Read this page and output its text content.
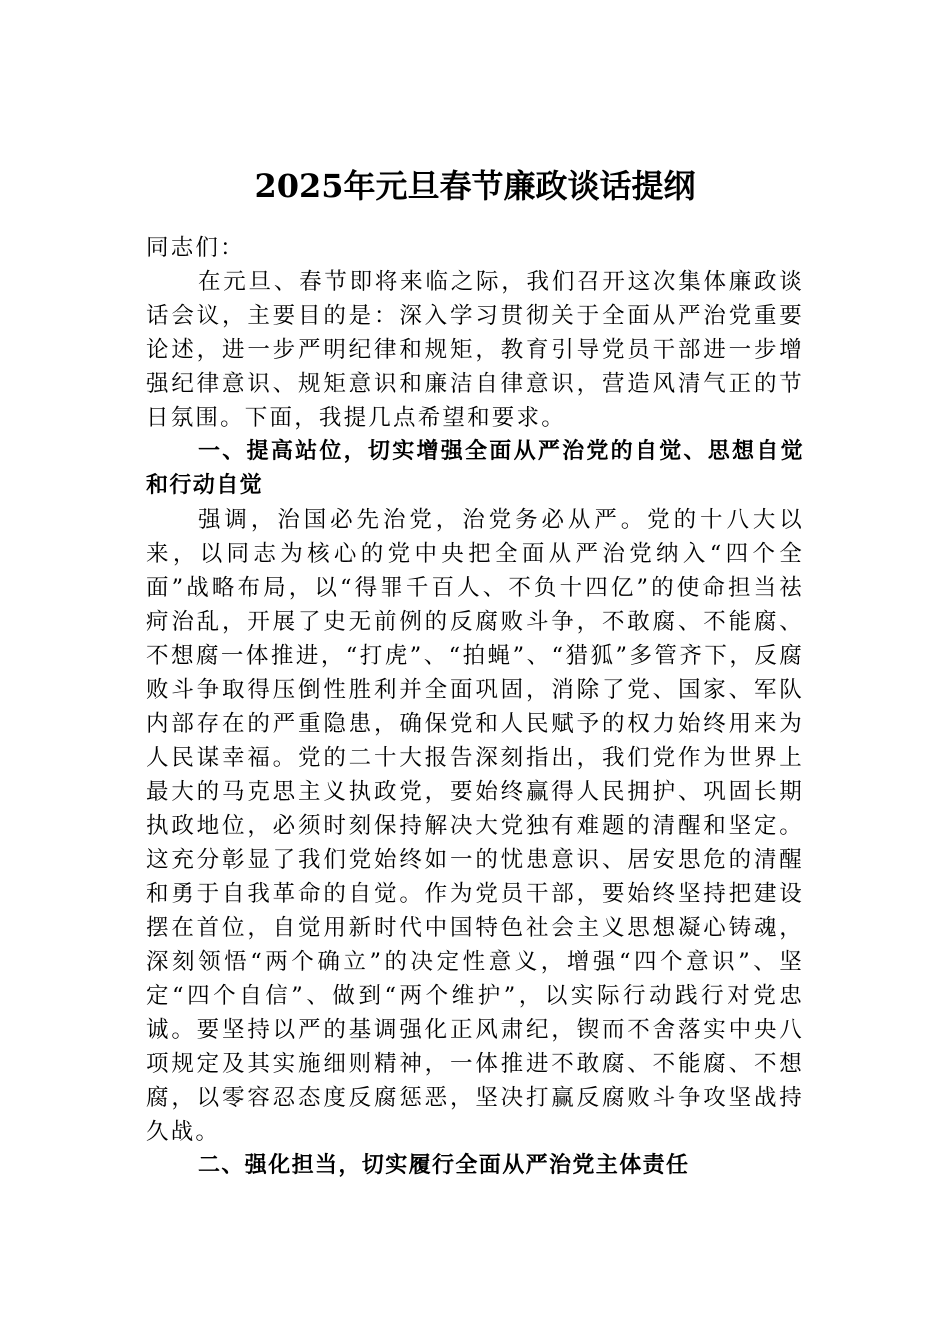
2025年元旦春节廉政谈话提纲

同志们：

在元旦、春节即将来临之际，我们召开这次集体廉政谈话会议，主要目的是：深入学习贯彻关于全面从严治党重要论述，进一步严明纪律和规矩，教育引导党员干部进一步增强纪律意识、规矩意识和廉洁自律意识，营造风清气正的节日氛围。下面，我提几点希望和要求。

一、提高站位，切实增强全面从严治党的自觉、思想自觉和行动自觉

强调，治国必先治党，治党务必从严。党的十八大以来，以同志为核心的党中央把全面从严治党纳入“四个全面”战略布局，以“得罪千百人、不负十四亿”的使命担当祛疴治乱，开展了史无前例的反腐败斗争，不敢腐、不能腐、不想腐一体推进，“打虎”、“拍蝇”、“猎狐”多管齐下，反腐败斗争取得压倒性胜利并全面巩固，消除了党、国家、军队内部存在的严重隐患，确保党和人民赋予的权力始终用来为人民谋幸福。党的二十大报告深刻指出，我们党作为世界上最大的马克思主义执政党，要始终赢得人民拥护、巩固长期执政地位，必须时刻保持解决大党独有难题的清醒和坚定。这充分彰显了我们党始终如一的忧患意识、居安思危的清醒和勇于自我革命的自觉。作为党员干部，要始终坚持把建设摆在首位，自觉用新时代中国特色社会主义思想凝心铸魂，深刻领悟“两个确立”的决定性意义，增强“四个意识”、坚定“四个自信”、做到“两个维护”，以实际行动践行对党忠诚。要坚持以严的基调强化正风肃纪，锲而不舍落实中央八项规定及其实施细则精神，一体推进不敢腐、不能腐、不想腐，以零容忍态度反腐惩恶，坚决打赢反腐败斗争攻坚战持久战。

二、强化担当，切实履行全面从严治党主体责任
